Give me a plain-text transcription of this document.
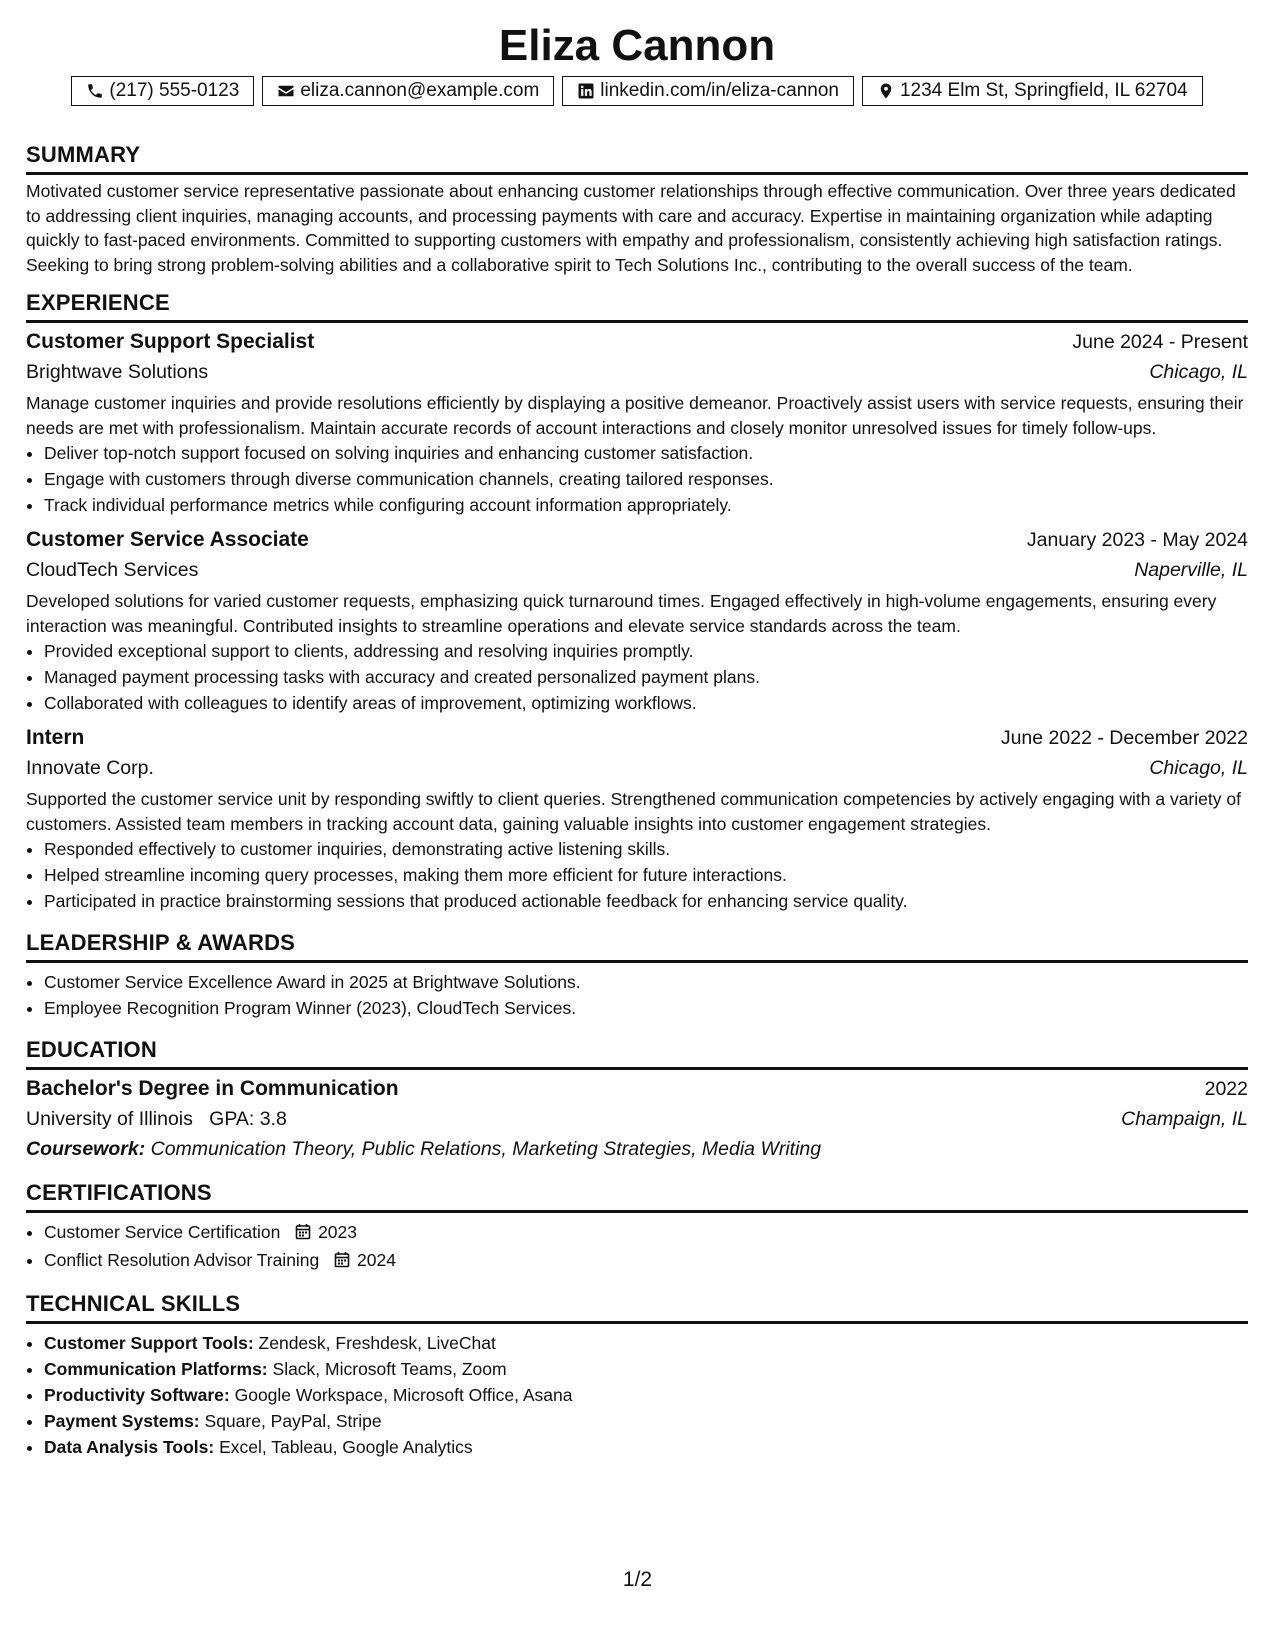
Eliza Cannon
(217) 555-0123	eliza.cannon@example.com	linkedin.com/in/eliza-cannon	1234 Elm St, Springfield, IL 62704
SUMMARY

Motivated customer service representative passionate about enhancing customer relationships through effective communication. Over three years dedicated to addressing client inquiries, managing accounts, and processing payments with care and accuracy. Expertise in maintaining organization while adapting quickly to fast-paced environments. Committed to supporting customers with empathy and professionalism, consistently achieving high satisfaction ratings. Seeking to bring strong problem-solving abilities and a collaborative spirit to Tech Solutions Inc., contributing to the overall success of the team.

EXPERIENCE
Customer Support Specialist	June 2024 - Present
Brightwave Solutions	Chicago, IL

Manage customer inquiries and provide resolutions efficiently by displaying a positive demeanor. Proactively assist users with service requests, ensuring their needs are met with professionalism. Maintain accurate records of account interactions and closely monitor unresolved issues for timely follow-ups.

• Deliver top-notch support focused on solving inquiries and enhancing customer satisfaction.
• Engage with customers through diverse communication channels, creating tailored responses.
• Track individual performance metrics while configuring account information appropriately.
Customer Service Associate	January 2023 - May 2024
CloudTech Services	Naperville, IL

Developed solutions for varied customer requests, emphasizing quick turnaround times. Engaged effectively in high-volume engagements, ensuring every interaction was meaningful. Contributed insights to streamline operations and elevate service standards across the team.

• Provided exceptional support to clients, addressing and resolving inquiries promptly.
• Managed payment processing tasks with accuracy and created personalized payment plans.
• Collaborated with colleagues to identify areas of improvement, optimizing workflows.
Intern	June 2022 - December 2022
Innovate Corp.	Chicago, IL

Supported the customer service unit by responding swiftly to client queries. Strengthened communication competencies by actively engaging with a variety of customers. Assisted team members in tracking account data, gaining valuable insights into customer engagement strategies.

• Responded effectively to customer inquiries, demonstrating active listening skills.
• Helped streamline incoming query processes, making them more efficient for future interactions.
• Participated in practice brainstorming sessions that produced actionable feedback for enhancing service quality.
LEADERSHIP & AWARDS
• Customer Service Excellence Award in 2025 at Brightwave Solutions.
• Employee Recognition Program Winner (2023), CloudTech Services.
EDUCATION
Bachelor's Degree in Communication	2022
University of Illinois GPA: 3.8	Champaign, IL
Coursework: Communication Theory, Public Relations, Marketing Strategies, Media Writing
CERTIFICATIONS
• Customer Service Certification 2023
• Conflict Resolution Advisor Training 2024
TECHNICAL SKILLS
• Customer Support Tools: Zendesk, Freshdesk, LiveChat
• Communication Platforms: Slack, Microsoft Teams, Zoom
• Productivity Software: Google Workspace, Microsoft Office, Asana
• Payment Systems: Square, PayPal, Stripe
• Data Analysis Tools: Excel, Tableau, Google Analytics
1/2
